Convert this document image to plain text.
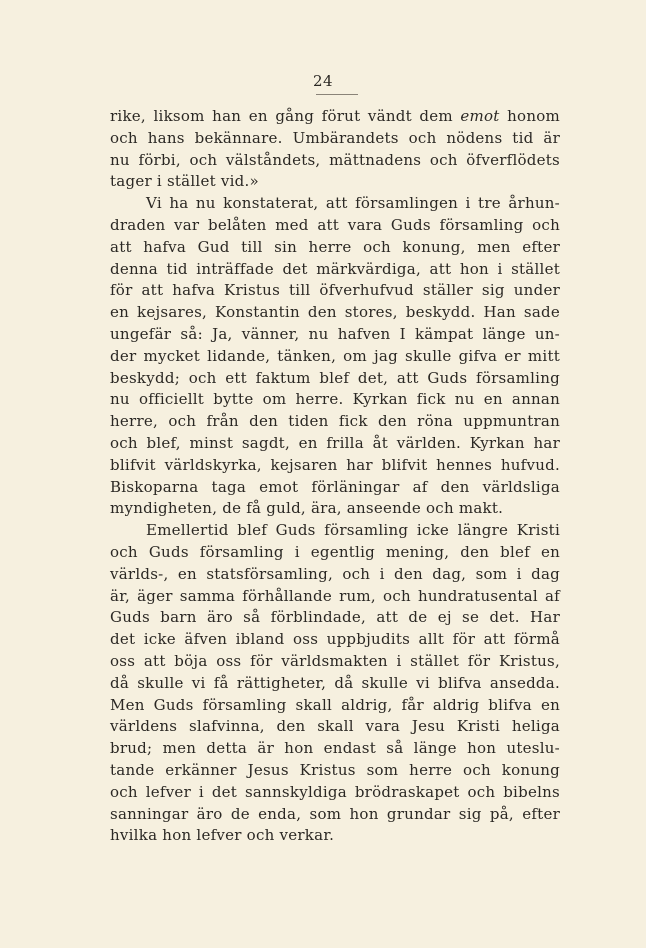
24
rike, liksom han en gång förut vändt dem emot honom
och hans bekännare. Umbärandets och nödens tid är
nu förbi, och välståndets, mättnadens och öfverflödets
tager i stället vid.»
Vi ha nu konstaterat, att församlingen i tre århun-
draden var belåten med att vara Guds församling och
att hafva Gud till sin herre och konung, men efter
denna tid inträffade det märkvärdiga, att hon i stället
för att hafva Kristus till öfverhufvud ställer sig under
en kejsares, Konstantin den stores, beskydd. Han sade
ungefär så: Ja, vänner, nu hafven I kämpat länge un-
der mycket lidande, tänken, om jag skulle gifva er mitt
beskydd; och ett faktum blef det, att Guds församling
nu officiellt bytte om herre. Kyrkan fick nu en annan
herre, och från den tiden fick den röna uppmuntran
och blef, minst sagdt, en frilla åt världen. Kyrkan har
blifvit världskyrka, kejsaren har blifvit hennes hufvud.
Biskoparna taga emot förläningar af den världsliga
myndigheten, de få guld, ära, anseende och makt.
Emellertid blef Guds församling icke längre Kristi
och Guds församling i egentlig mening, den blef en
världs-, en statsförsamling, och i den dag, som i dag
är, äger samma förhållande rum, och hundratusental af
Guds barn äro så förblindade, att de ej se det. Har
det icke äfven ibland oss uppbjudits allt för att förmå
oss att böja oss för världsmakten i stället för Kristus,
då skulle vi få rättigheter, då skulle vi blifva ansedda.
Men Guds församling skall aldrig, får aldrig blifva en
världens slafvinna, den skall vara Jesu Kristi heliga
brud; men detta är hon endast så länge hon uteslu-
tande erkänner Jesus Kristus som herre och konung
och lefver i det sannskyldiga brödraskapet och bibelns
sanningar äro de enda, som hon grundar sig på, efter
hvilka hon lefver och verkar.
